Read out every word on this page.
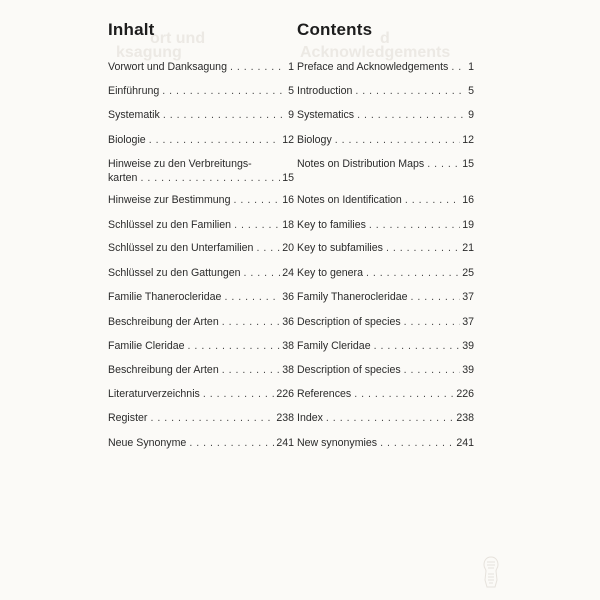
ort und
ksagung	Acknowledgements
d
Inhalt
Vorwort und Danksagung . . .	1
Einführung . . .	5
Systematik . . .	9
Biologie . . .	12
Hinweise zu den Verbreitungs-
karten . . .	15
Hinweise zur Bestimmung . . .	16
Schlüssel zu den Familien . . .	18
Schlüssel zu den Unterfamilien . . .	20
Schlüssel zu den Gattungen . . .	24
Familie Thanerocleridae . . .	36
Beschreibung der Arten . . .	36
Familie Cleridae . . .	38
Beschreibung der Arten . . .	38
Literaturverzeichnis . . .	226
Register . . .	238
Neue Synonyme . . .	241
Contents
Preface and Acknowledgements . . . 1
Introduction . . .	5
Systematics . . .	9
Biology . . .	12
Notes on Distribution Maps . . .	15
Notes on Identification . . .	16
Key to families . . .	19
Key to subfamilies . . .	21
Key to genera . . .	25
Family Thanerocleridae . . .	37
Description of species . . .	37
Family Cleridae . . .	39
Description of species . . .	39
References . . .	226
Index . . .	238
New synonymies . . .	241
